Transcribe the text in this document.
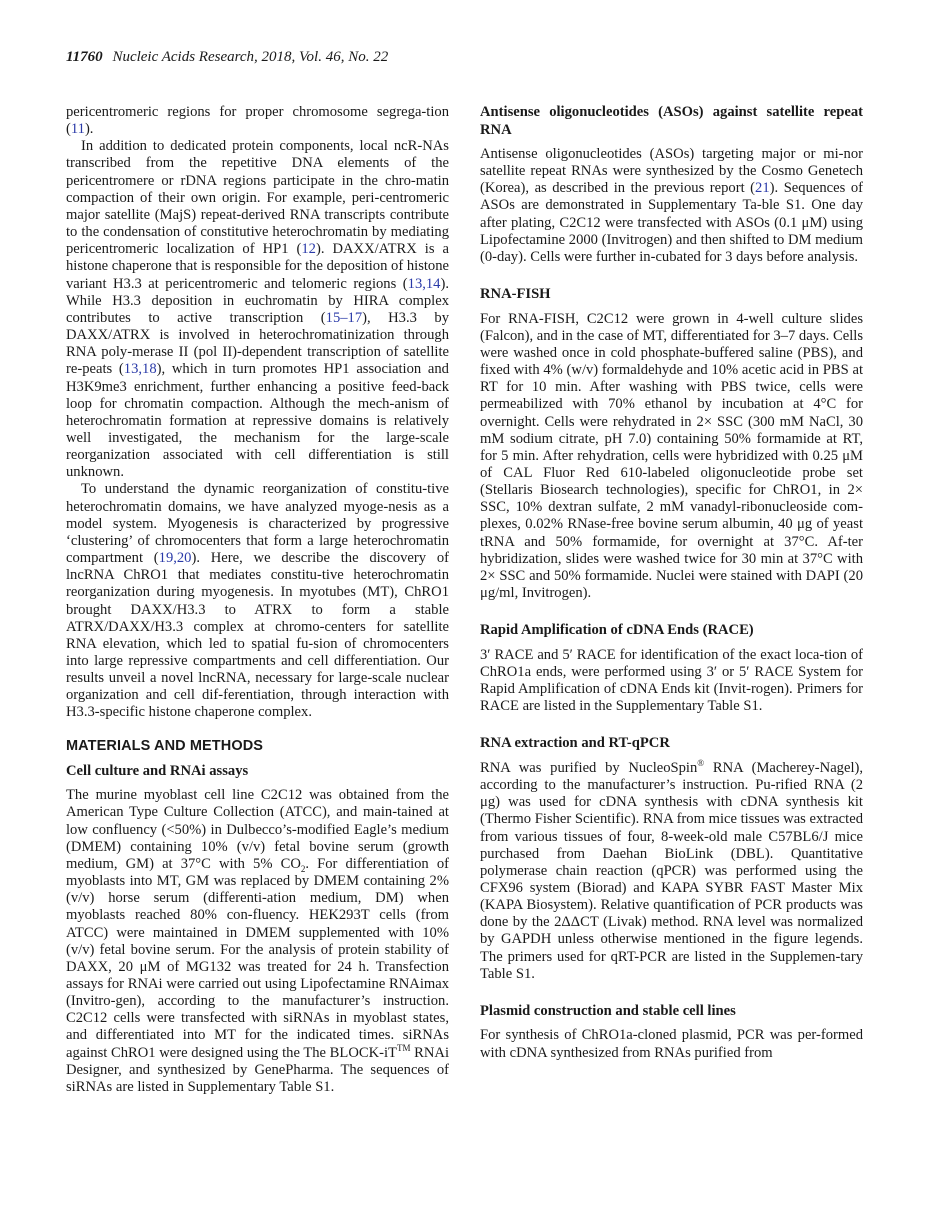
11760 Nucleic Acids Research, 2018, Vol. 46, No. 22

pericentromeric regions for proper chromosome segrega-tion (11).

In addition to dedicated protein components, local ncR-NAs transcribed from the repetitive DNA elements of the pericentromere or rDNA regions participate in the chro-matin compaction of their own origin. For example, peri-centromeric major satellite (MajS) repeat-derived RNA transcripts contribute to the condensation of constitutive heterochromatin by mediating pericentromeric localization of HP1 (12). DAXX/ATRX is a histone chaperone that is responsible for the deposition of histone variant H3.3 at pericentromeric and telomeric regions (13,14). While H3.3 deposition in euchromatin by HIRA complex contributes to active transcription (15–17), H3.3 by DAXX/ATRX is involved in heterochromatinization through RNA poly-merase II (pol II)-dependent transcription of satellite re-peats (13,18), which in turn promotes HP1 association and H3K9me3 enrichment, further enhancing a positive feed-back loop for chromatin compaction. Although the mech-anism of heterochromatin formation at repressive domains is relatively well investigated, the mechanism for the large-scale reorganization associated with cell differentiation is still unknown.

To understand the dynamic reorganization of constitu-tive heterochromatin domains, we have analyzed myoge-nesis as a model system. Myogenesis is characterized by progressive ‘clustering’ of chromocenters that form a large heterochromatin compartment (19,20). Here, we describe the discovery of lncRNA ChRO1 that mediates constitu-tive heterochromatin reorganization during myogenesis. In myotubes (MT), ChRO1 brought DAXX/H3.3 to ATRX to form a stable ATRX/DAXX/H3.3 complex at chromo-centers for satellite RNA elevation, which led to spatial fu-sion of chromocenters into large repressive compartments and cell differentiation. Our results unveil a novel lncRNA, necessary for large-scale nuclear organization and cell dif-ferentiation, through interaction with H3.3-specific histone chaperone complex.

MATERIALS AND METHODS
Cell culture and RNAi assays

The murine myoblast cell line C2C12 was obtained from the American Type Culture Collection (ATCC), and main-tained at low confluency (<50%) in Dulbecco’s-modified Eagle’s medium (DMEM) containing 10% (v/v) fetal bovine serum (growth medium, GM) at 37°C with 5% $CO_2$. For differentiation of myoblasts into MT, GM was replaced by DMEM containing 2% (v/v) horse serum (differenti-ation medium, DM) when myoblasts reached 80% con-fluency. HEK293T cells (from ATCC) were maintained in DMEM supplemented with 10% (v/v) fetal bovine serum. For the analysis of protein stability of DAXX, 20 μM of MG132 was treated for 24 h. Transfection assays for RNAi were carried out using Lipofectamine RNAimax (Invitro-gen), according to the manufacturer’s instruction. C2C12 cells were transfected with siRNAs in myoblast states, and differentiated into MT for the indicated times. siRNAs against ChRO1 were designed using the The BLOCK-iT™ RNAi Designer, and synthesized by GenePharma. The sequences of siRNAs are listed in Supplementary Table S1.

Antisense oligonucleotides (ASOs) against satellite repeat RNA

Antisense oligonucleotides (ASOs) targeting major or mi-nor satellite repeat RNAs were synthesized by the Cosmo Genetech (Korea), as described in the previous report (21). Sequences of ASOs are demonstrated in Supplementary Ta-ble S1. One day after plating, C2C12 were transfected with ASOs (0.1 μM) using Lipofectamine 2000 (Invitrogen) and then shifted to DM medium (0-day). Cells were further in-cubated for 3 days before analysis.

RNA-FISH

For RNA-FISH, C2C12 were grown in 4-well culture slides (Falcon), and in the case of MT, differentiated for 3–7 days. Cells were washed once in cold phosphate-buffered saline (PBS), and fixed with 4% (w/v) formaldehyde and 10% acetic acid in PBS at RT for 10 min. After washing with PBS twice, cells were permeabilized with 70% ethanol by incubation at 4°C for overnight. Cells were rehydrated in 2× SSC (300 mM NaCl, 30 mM sodium citrate, pH 7.0) containing 50% formamide at RT, for 5 min. After rehydration, cells were hybridized with 0.25 μM of CAL Fluor Red 610-labeled oligonucleotide probe set (Stellaris Biosearch technologies), specific for ChRO1, in 2× SSC, 10% dextran sulfate, 2 mM vanadyl-ribonucleoside com-plexes, 0.02% RNase-free bovine serum albumin, 40 μg of yeast tRNA and 50% formamide, for overnight at 37°C. Af-ter hybridization, slides were washed twice for 30 min at 37°C with 2× SSC and 50% formamide. Nuclei were stained with DAPI (20 μg/ml, Invitrogen).

Rapid Amplification of cDNA Ends (RACE)

3′ RACE and 5′ RACE for identification of the exact loca-tion of ChRO1a ends, were performed using 3′ or 5′ RACE System for Rapid Amplification of cDNA Ends kit (Invit-rogen). Primers for RACE are listed in the Supplementary Table S1.

RNA extraction and RT-qPCR

RNA was purified by NucleoSpin® RNA (Macherey-Nagel), according to the manufacturer’s instruction. Pu-rified RNA (2 μg) was used for cDNA synthesis with cDNA synthesis kit (Thermo Fisher Scientific). RNA from mice tissues was extracted from various tissues of four, 8-week-old male C57BL6/J mice purchased from Daehan BioLink (DBL). Quantitative polymerase chain reaction (qPCR) was performed using the CFX96 system (Biorad) and KAPA SYBR FAST Master Mix (KAPA Biosystem). Relative quantification of PCR products was done by the 2ΔΔCT (Livak) method. RNA level was normalized by GAPDH unless otherwise mentioned in the figure legends. The primers used for qRT-PCR are listed in the Supplemen-tary Table S1.

Plasmid construction and stable cell lines

For synthesis of ChRO1a-cloned plasmid, PCR was per-formed with cDNA synthesized from RNAs purified from
